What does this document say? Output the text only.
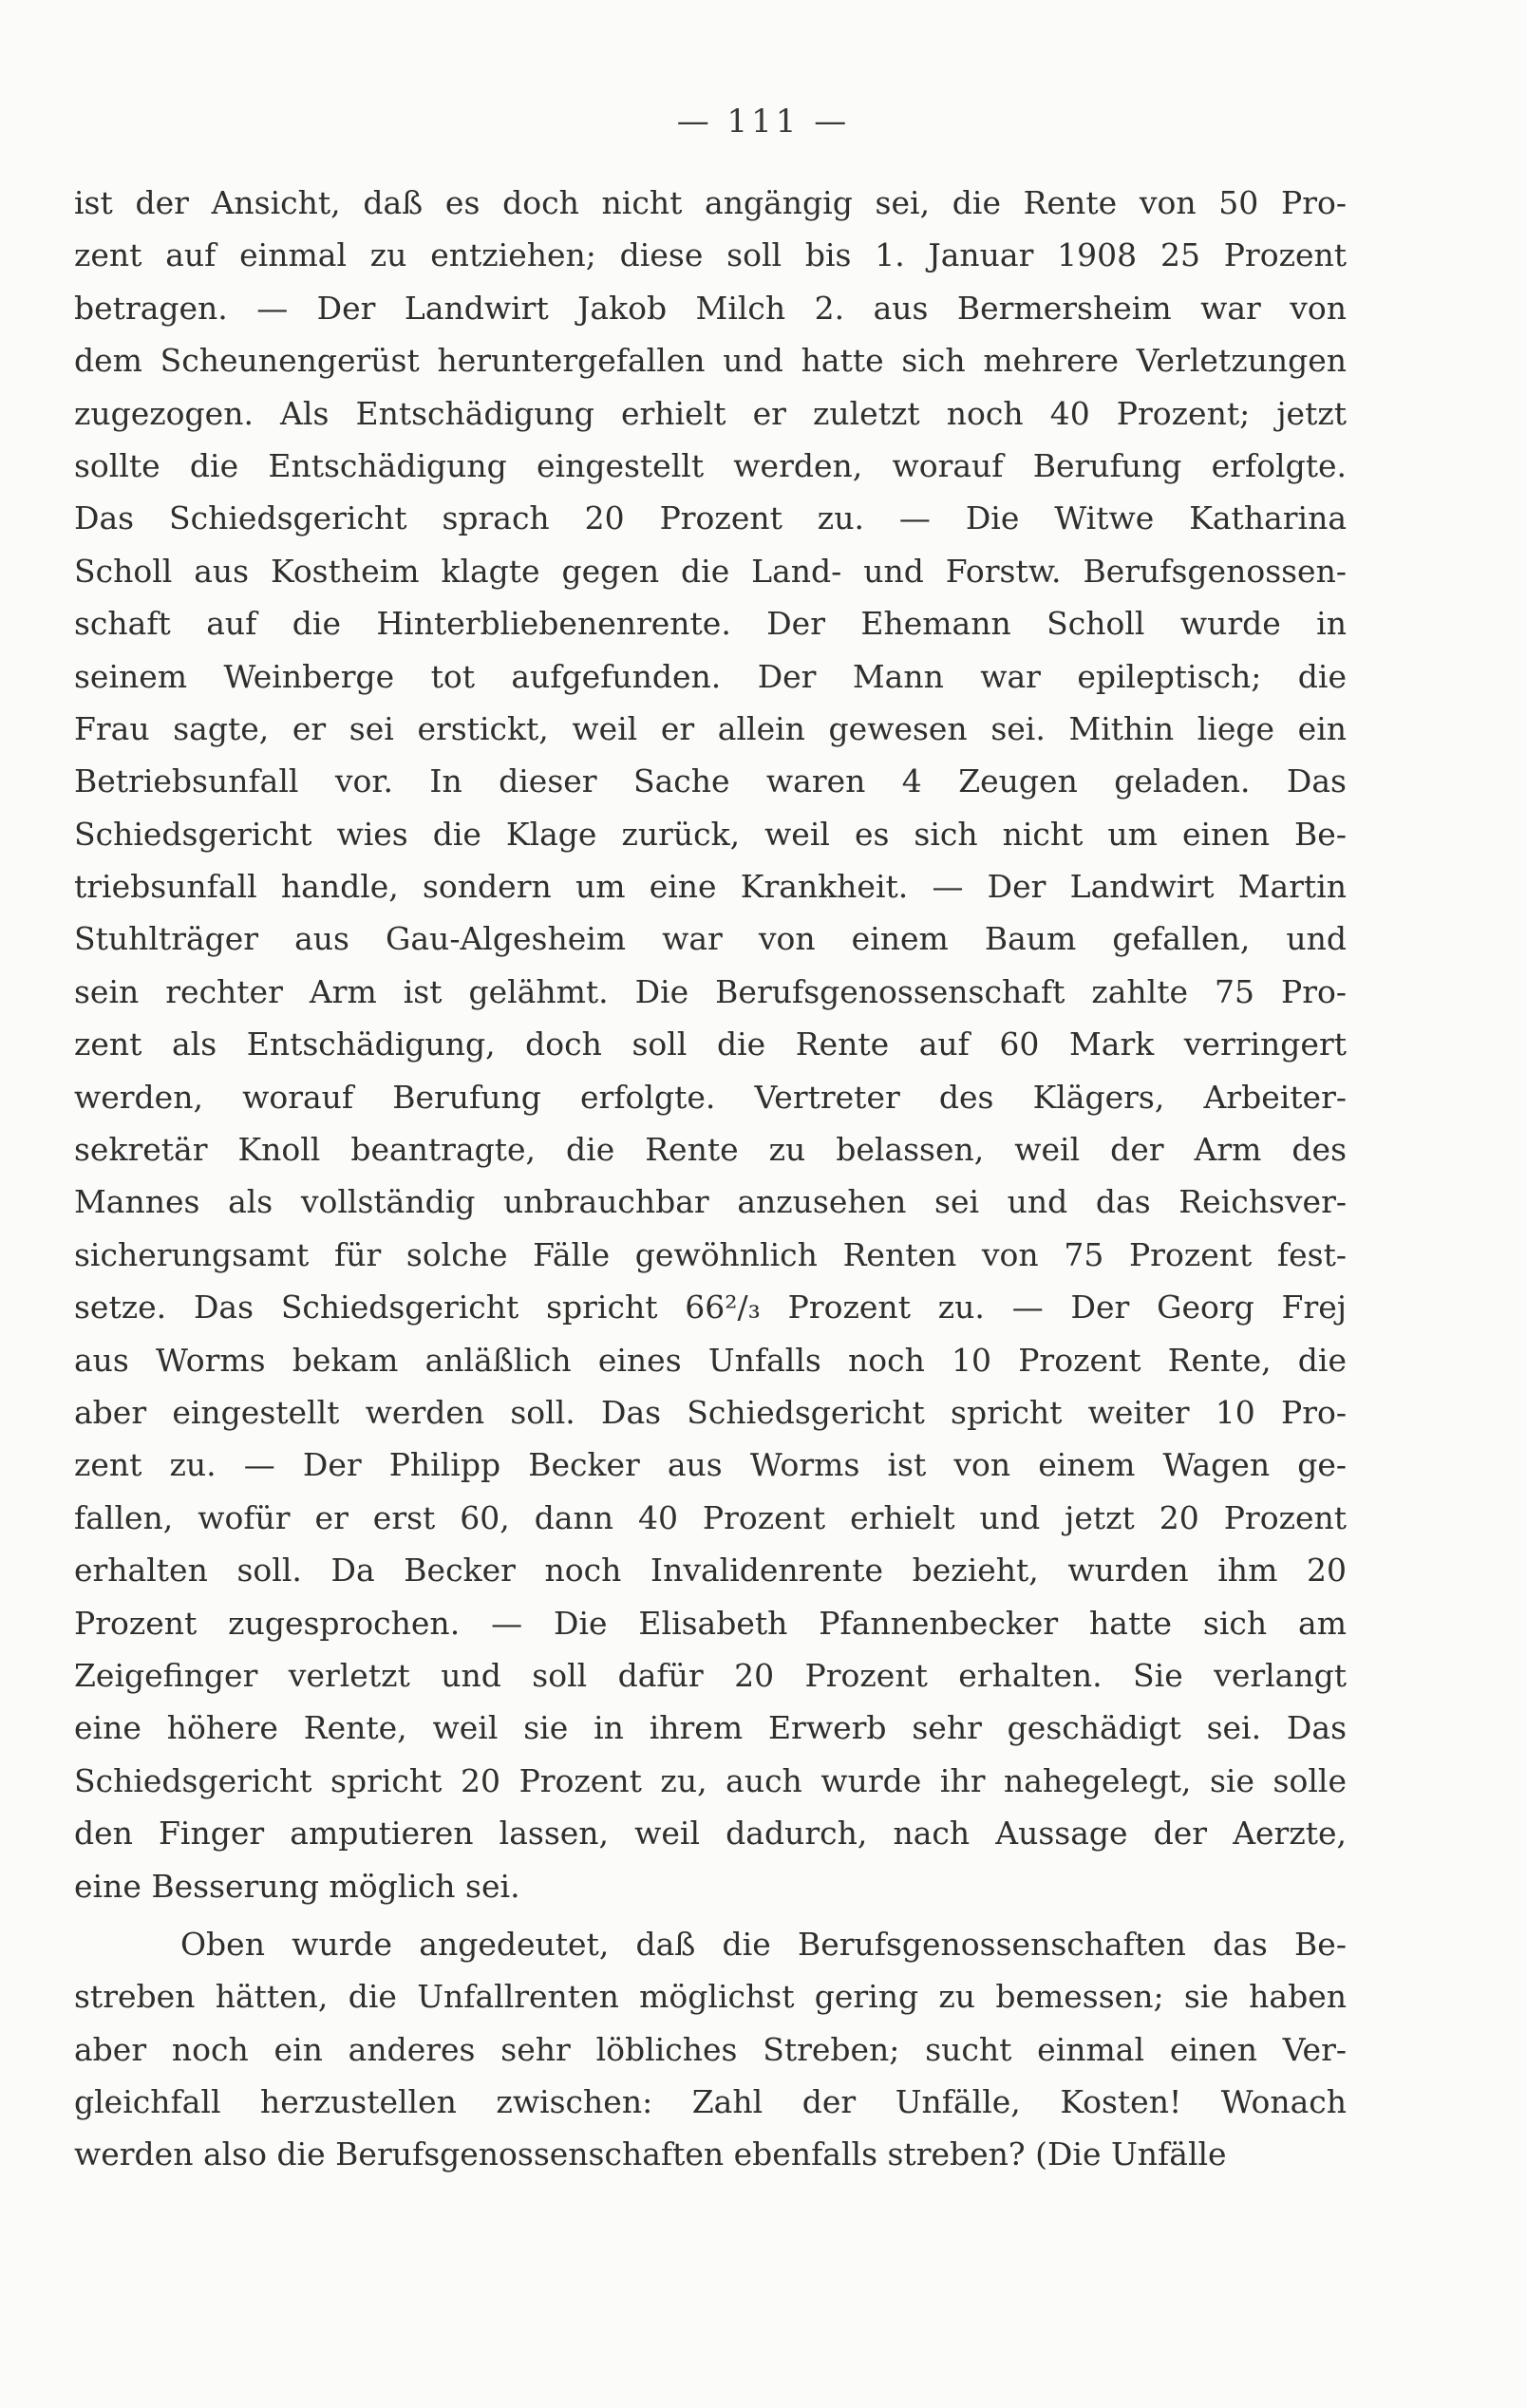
— 111 —
ist der Ansicht, daß es doch nicht angängig sei, die Rente von 50 Pro-
zent auf einmal zu entziehen; diese soll bis 1. Januar 1908 25 Prozent
betragen. — Der Landwirt Jakob Milch 2. aus Bermersheim war von
dem Scheunengerüst heruntergefallen und hatte sich mehrere Verletzungen
zugezogen. Als Entschädigung erhielt er zuletzt noch 40 Prozent; jetzt
sollte die Entschädigung eingestellt werden, worauf Berufung erfolgte.
Das Schiedsgericht sprach 20 Prozent zu. — Die Witwe Katharina
Scholl aus Kostheim klagte gegen die Land- und Forstw. Berufsgenossen-
schaft auf die Hinterbliebenenrente. Der Ehemann Scholl wurde in
seinem Weinberge tot aufgefunden. Der Mann war epileptisch; die
Frau sagte, er sei erstickt, weil er allein gewesen sei. Mithin liege ein
Betriebsunfall vor. In dieser Sache waren 4 Zeugen geladen. Das
Schiedsgericht wies die Klage zurück, weil es sich nicht um einen Be-
triebsunfall handle, sondern um eine Krankheit. — Der Landwirt Martin
Stuhlträger aus Gau-Algesheim war von einem Baum gefallen, und
sein rechter Arm ist gelähmt. Die Berufsgenossenschaft zahlte 75 Pro-
zent als Entschädigung, doch soll die Rente auf 60 Mark verringert
werden, worauf Berufung erfolgte. Vertreter des Klägers, Arbeiter-
sekretär Knoll beantragte, die Rente zu belassen, weil der Arm des
Mannes als vollständig unbrauchbar anzusehen sei und das Reichsver-
sicherungsamt für solche Fälle gewöhnlich Renten von 75 Prozent fest-
setze. Das Schiedsgericht spricht 66²/₃ Prozent zu. — Der Georg Frej
aus Worms bekam anläßlich eines Unfalls noch 10 Prozent Rente, die
aber eingestellt werden soll. Das Schiedsgericht spricht weiter 10 Pro-
zent zu. — Der Philipp Becker aus Worms ist von einem Wagen ge-
fallen, wofür er erst 60, dann 40 Prozent erhielt und jetzt 20 Prozent
erhalten soll. Da Becker noch Invalidenrente bezieht, wurden ihm 20
Prozent zugesprochen. — Die Elisabeth Pfannenbecker hatte sich am
Zeigefinger verletzt und soll dafür 20 Prozent erhalten. Sie verlangt
eine höhere Rente, weil sie in ihrem Erwerb sehr geschädigt sei. Das
Schiedsgericht spricht 20 Prozent zu, auch wurde ihr nahegelegt, sie solle
den Finger amputieren lassen, weil dadurch, nach Aussage der Aerzte,
eine Besserung möglich sei.
Oben wurde angedeutet, daß die Berufsgenossenschaften das Be-
streben hätten, die Unfallrenten möglichst gering zu bemessen; sie haben
aber noch ein anderes sehr löbliches Streben; sucht einmal einen Ver-
gleichfall herzustellen zwischen: Zahl der Unfälle, Kosten! Wonach
werden also die Berufsgenossenschaften ebenfalls streben? (Die Unfälle
